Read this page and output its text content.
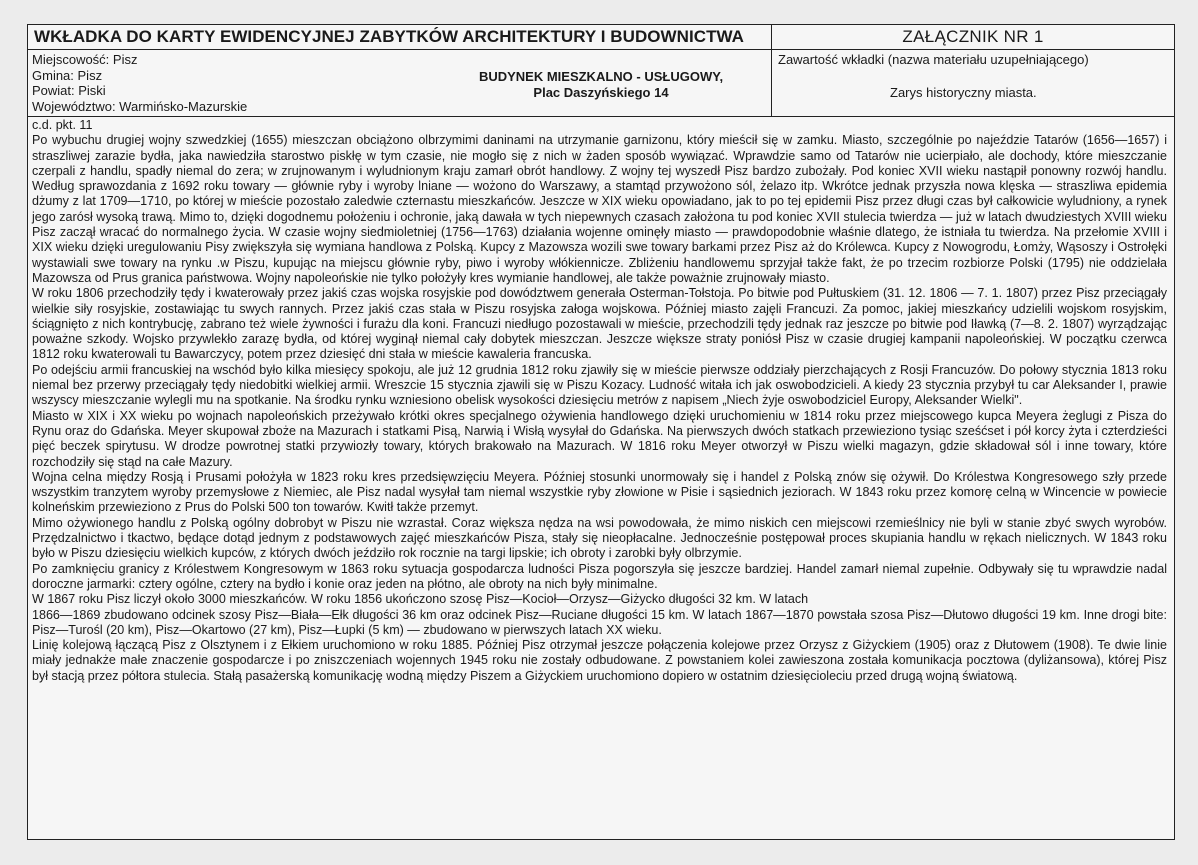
WKŁADKA DO KARTY EWIDENCYJNEJ ZABYTKÓW ARCHITEKTURY I BUDOWNICTWA	ZAŁĄCZNIK NR 1
Miejscowość: Pisz
Gmina: Pisz
Powiat: Piski
Województwo: Warmińsko-Mazurskie
BUDYNEK MIESZKALNO - USŁUGOWY,
Plac Daszyńskiego 14
Zawartość wkładki (nazwa materiału uzupełniającego)
Zarys historyczny miasta.

c.d. pkt. 11

Po wybuchu drugiej wojny szwedzkiej (1655) mieszczan obciążono olbrzymimi daninami na utrzymanie garnizonu, który mieścił się w zamku. Miasto, szczególnie po najeździe Tatarów (1656—1657) i straszliwej zarazie bydła, jaka nawiedziła starostwo piskłę w tym czasie, nie mogło się z nich w żaden sposób wywiązać. Wprawdzie samo od Tatarów nie ucierpiało, ale dochody, które mieszczanie czerpali z handlu, spadły niemal do zera; w zrujnowanym i wyludnionym kraju zamarł obrót handlowy. Z wojny tej wyszedł Pisz bardzo zubożały. Pod koniec XVII wieku nastąpił ponowny rozwój handlu. Według sprawozdania z 1692 roku towary — głównie ryby i wyroby lniane — wożono do Warszawy, a stamtąd przywożono sól, żelazo itp. Wkrótce jednak przyszła nowa klęska — straszliwa epidemia dżumy z lat 1709—1710, po której w mieście pozostało zaledwie czternastu mieszkańców. Jeszcze w XIX wieku opowiadano, jak to po tej epidemii Pisz przez długi czas był całkowicie wyludniony, a rynek jego zarósł wysoką trawą. Mimo to, dzięki dogodnemu położeniu i ochronie, jaką dawała w tych niepewnych czasach założona tu pod koniec XVII stulecia twierdza — już w latach dwudziestych XVIII wieku Pisz zaczął wracać do normalnego życia. W czasie wojny siedmioletniej (1756—1763) działania wojenne ominęły miasto — prawdopodobnie właśnie dlatego, że istniała tu twierdza. Na przełomie XVIII i XIX wieku dzięki uregulowaniu Pisy zwiększyła się wymiana handlowa z Polską. Kupcy z Mazowsza wozili swe towary barkami przez Pisz aż do Królewca. Kupcy z Nowogrodu, Łomży, Wąsoszy i Ostrołęki wystawiali swe towary na rynku .w Piszu, kupując na miejscu głównie ryby, piwo i wyroby włókiennicze. Zbliżeniu handlowemu sprzyjał także fakt, że po trzecim rozbiorze Polski (1795) nie oddzielała Mazowsza od Prus granica państwowa. Wojny napoleońskie nie tylko położyły kres wymianie handlowej, ale także poważnie zrujnowały miasto.

W roku 1806 przechodziły tędy i kwaterowały przez jakiś czas wojska rosyjskie pod dowództwem generała Osterman-Tołstoja. Po bitwie pod Pułtuskiem (31. 12. 1806 — 7. 1. 1807) przez Pisz przeciągały wielkie siły rosyjskie, zostawiając tu swych rannych. Przez jakiś czas stała w Piszu rosyjska załoga wojskowa. Później miasto zajęli Francuzi. Za pomoc, jakiej mieszkańcy udzielili wojskom rosyjskim, ściągnięto z nich kontrybucję, zabrano też wiele żywności i furażu dla koni. Francuzi niedługo pozostawali w mieście, przechodzili tędy jednak raz jeszcze po bitwie pod Iławką (7—8. 2. 1807) wyrządzając poważne szkody. Wojsko przywlekło zarazę bydła, od której wyginął niemal cały dobytek mieszczan. Jeszcze większe straty poniósł Pisz w czasie drugiej kampanii napoleońskiej. W początku czerwca 1812 roku kwaterowali tu Bawarczycy, potem przez dziesięć dni stała w mieście kawaleria francuska.

Po odejściu armii francuskiej na wschód było kilka miesięcy spokoju, ale już 12 grudnia 1812 roku zjawiły się w mieście pierwsze oddziały pierzchających z Rosji Francuzów. Do połowy stycznia 1813 roku niemal bez przerwy przeciągały tędy niedobitki wielkiej armii. Wreszcie 15 stycznia zjawili się w Piszu Kozacy. Ludność witała ich jak oswobodzicieli. A kiedy 23 stycznia przybył tu car Aleksander I, prawie wszyscy mieszczanie wylegli mu na spotkanie. Na środku rynku wzniesiono obelisk wysokości dziesięciu metrów z napisem „Niech żyje oswobodziciel Europy, Aleksander Wielki".

Miasto w XIX i XX wieku po wojnach napoleońskich przeżywało krótki okres specjalnego ożywienia handlowego dzięki uruchomieniu w 1814 roku przez miejscowego kupca Meyera żeglugi z Pisza do Rynu oraz do Gdańska. Meyer skupował zboże na Mazurach i statkami Pisą, Narwią i Wisłą wysyłał do Gdańska. Na pierwszych dwóch statkach przewieziono tysiąc sześćset i pół korcy żyta i czterdzieści pięć beczek spirytusu. W drodze powrotnej statki przywiozły towary, których brakowało na Mazurach. W 1816 roku Meyer otworzył w Piszu wielki magazyn, gdzie składował sól i inne towary, które rozchodziły się stąd na całe Mazury.

Wojna celna między Rosją i Prusami położyła w 1823 roku kres przedsięwzięciu Meyera. Później stosunki unormowały się i handel z Polską znów się ożywił. Do Królestwa Kongresowego szły przede wszystkim tranzytem wyroby przemysłowe z Niemiec, ale Pisz nadal wysyłał tam niemal wszystkie ryby złowione w Pisie i sąsiednich jeziorach. W 1843 roku przez komorę celną w Wincencie w powiecie kolneńskim przewieziono z Prus do Polski 500 ton towarów. Kwitł także przemyt.

Mimo ożywionego handlu z Polską ogólny dobrobyt w Piszu nie wzrastał. Coraz większa nędza na wsi powodowała, że mimo niskich cen miejscowi rzemieślnicy nie byli w stanie zbyć swych wyrobów. Przędzalnictwo i tkactwo, będące dotąd jednym z podstawowych zajęć mieszkańców Pisza, stały się nieopłacalne. Jednocześnie postępował proces skupiania handlu w rękach nielicznych. W 1843 roku było w Piszu dziesięciu wielkich kupców, z których dwóch jeździło rok rocznie na targi lipskie; ich obroty i zarobki były olbrzymie.

Po zamknięciu granicy z Królestwem Kongresowym w 1863 roku sytuacja gospodarcza ludności Pisza pogorszyła się jeszcze bardziej. Handel zamarł niemal zupełnie. Odbywały się tu wprawdzie nadal doroczne jarmarki: cztery ogólne, cztery na bydło i konie oraz jeden na płótno, ale obroty na nich były minimalne.

W 1867 roku Pisz liczył około 3000 mieszkańców. W roku 1856 ukończono szosę Pisz—Kocioł—Orzysz—Giżycko długości 32 km. W latach

1866—1869 zbudowano odcinek szosy Pisz—Biała—Ełk długości 36 km oraz odcinek Pisz—Ruciane długości 15 km. W latach 1867—1870 powstała szosa Pisz—Dłutowo długości 19 km. Inne drogi bite: Pisz—Turośl (20 km), Pisz—Okartowo (27 km), Pisz—Łupki (5 km) — zbudowano w pierwszych latach XX wieku.

Linię kolejową łączącą Pisz z Olsztynem i z Ełkiem uruchomiono w roku 1885. Później Pisz otrzymał jeszcze połączenia kolejowe przez Orzysz z Giżyckiem (1905) oraz z Dłutowem (1908). Te dwie linie miały jednakże małe znaczenie gospodarcze i po zniszczeniach wojennych 1945 roku nie zostały odbudowane. Z powstaniem kolei zawieszona została komunikacja pocztowa (dyliżansowa), której Pisz był stacją przez półtora stulecia. Stałą pasażerską komunikację wodną między Piszem a Giżyckiem uruchomiono dopiero w ostatnim dziesięcioleciu przed drugą wojną światową.
